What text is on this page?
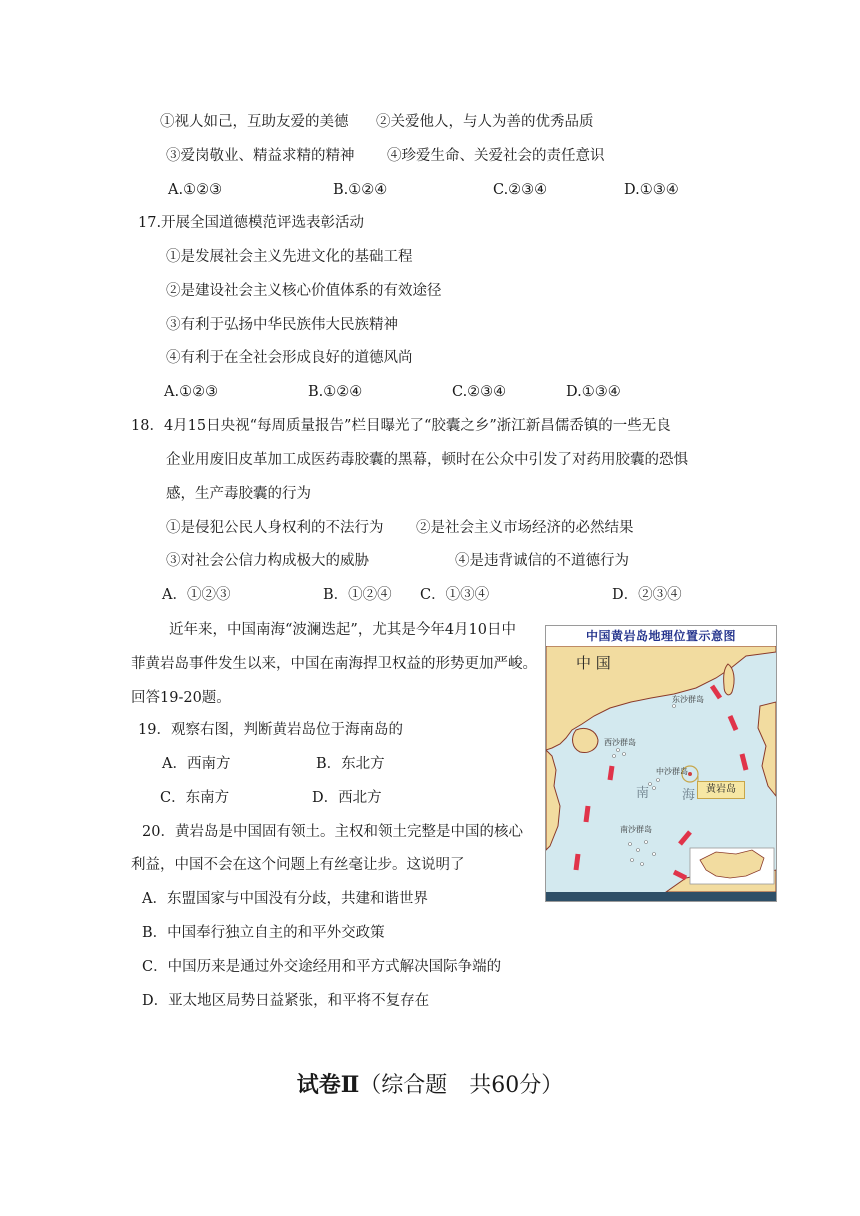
①视人如己，互助友爱的美德 ②关爱他人，与人为善的优秀品质
③爱岗敬业、精益求精的精神 ④珍爱生命、关爱社会的责任意识
A.①②③	B.①②④	C.②③④	D.①③④
17.开展全国道德模范评选表彰活动
①是发展社会主义先进文化的基础工程
②是建设社会主义核心价值体系的有效途径
③有利于弘扬中华民族伟大民族精神
④有利于在全社会形成良好的道德风尚
A.①②③	B.①②④	C.②③④	D.①③④
18．4月15日央视“每周质量报告”栏目曝光了“胶囊之乡”浙江新昌儒岙镇的一些无良
企业用废旧皮革加工成医药毒胶囊的黑幕，顿时在公众中引发了对药用胶囊的恐惧
感，生产毒胶囊的行为
①是侵犯公民人身权利的不法行为 ②是社会主义市场经济的必然结果
③对社会公信力构成极大的威胁	④是违背诚信的不道德行为
A．①②③	B．①②④ C．①③④	D．②③④
近年来，中国南海“波澜迭起”，尤其是今年4月10日中
菲黄岩岛事件发生以来，中国在南海捍卫权益的形势更加严峻。
回答19-20题。
19．观察右图，判断黄岩岛位于海南岛的
A．西南方	B．东北方
C．东南方	D．西北方
20．黄岩岛是中国固有领土。主权和领土完整是中国的核心
利益，中国不会在这个问题上有丝毫让步。这说明了
A．东盟国家与中国没有分歧，共建和谐世界
B．中国奉行独立自主的和平外交政策
C．中国历来是通过外交途经用和平方式解决国际争端的
D．亚太地区局势日益紧张，和平将不复存在
中国黄岩岛地理位置示意图
中 国
东沙群岛
西沙群岛
中沙群岛
南	海
南沙群岛
黄岩岛
试卷Ⅱ（综合题　共60分）
